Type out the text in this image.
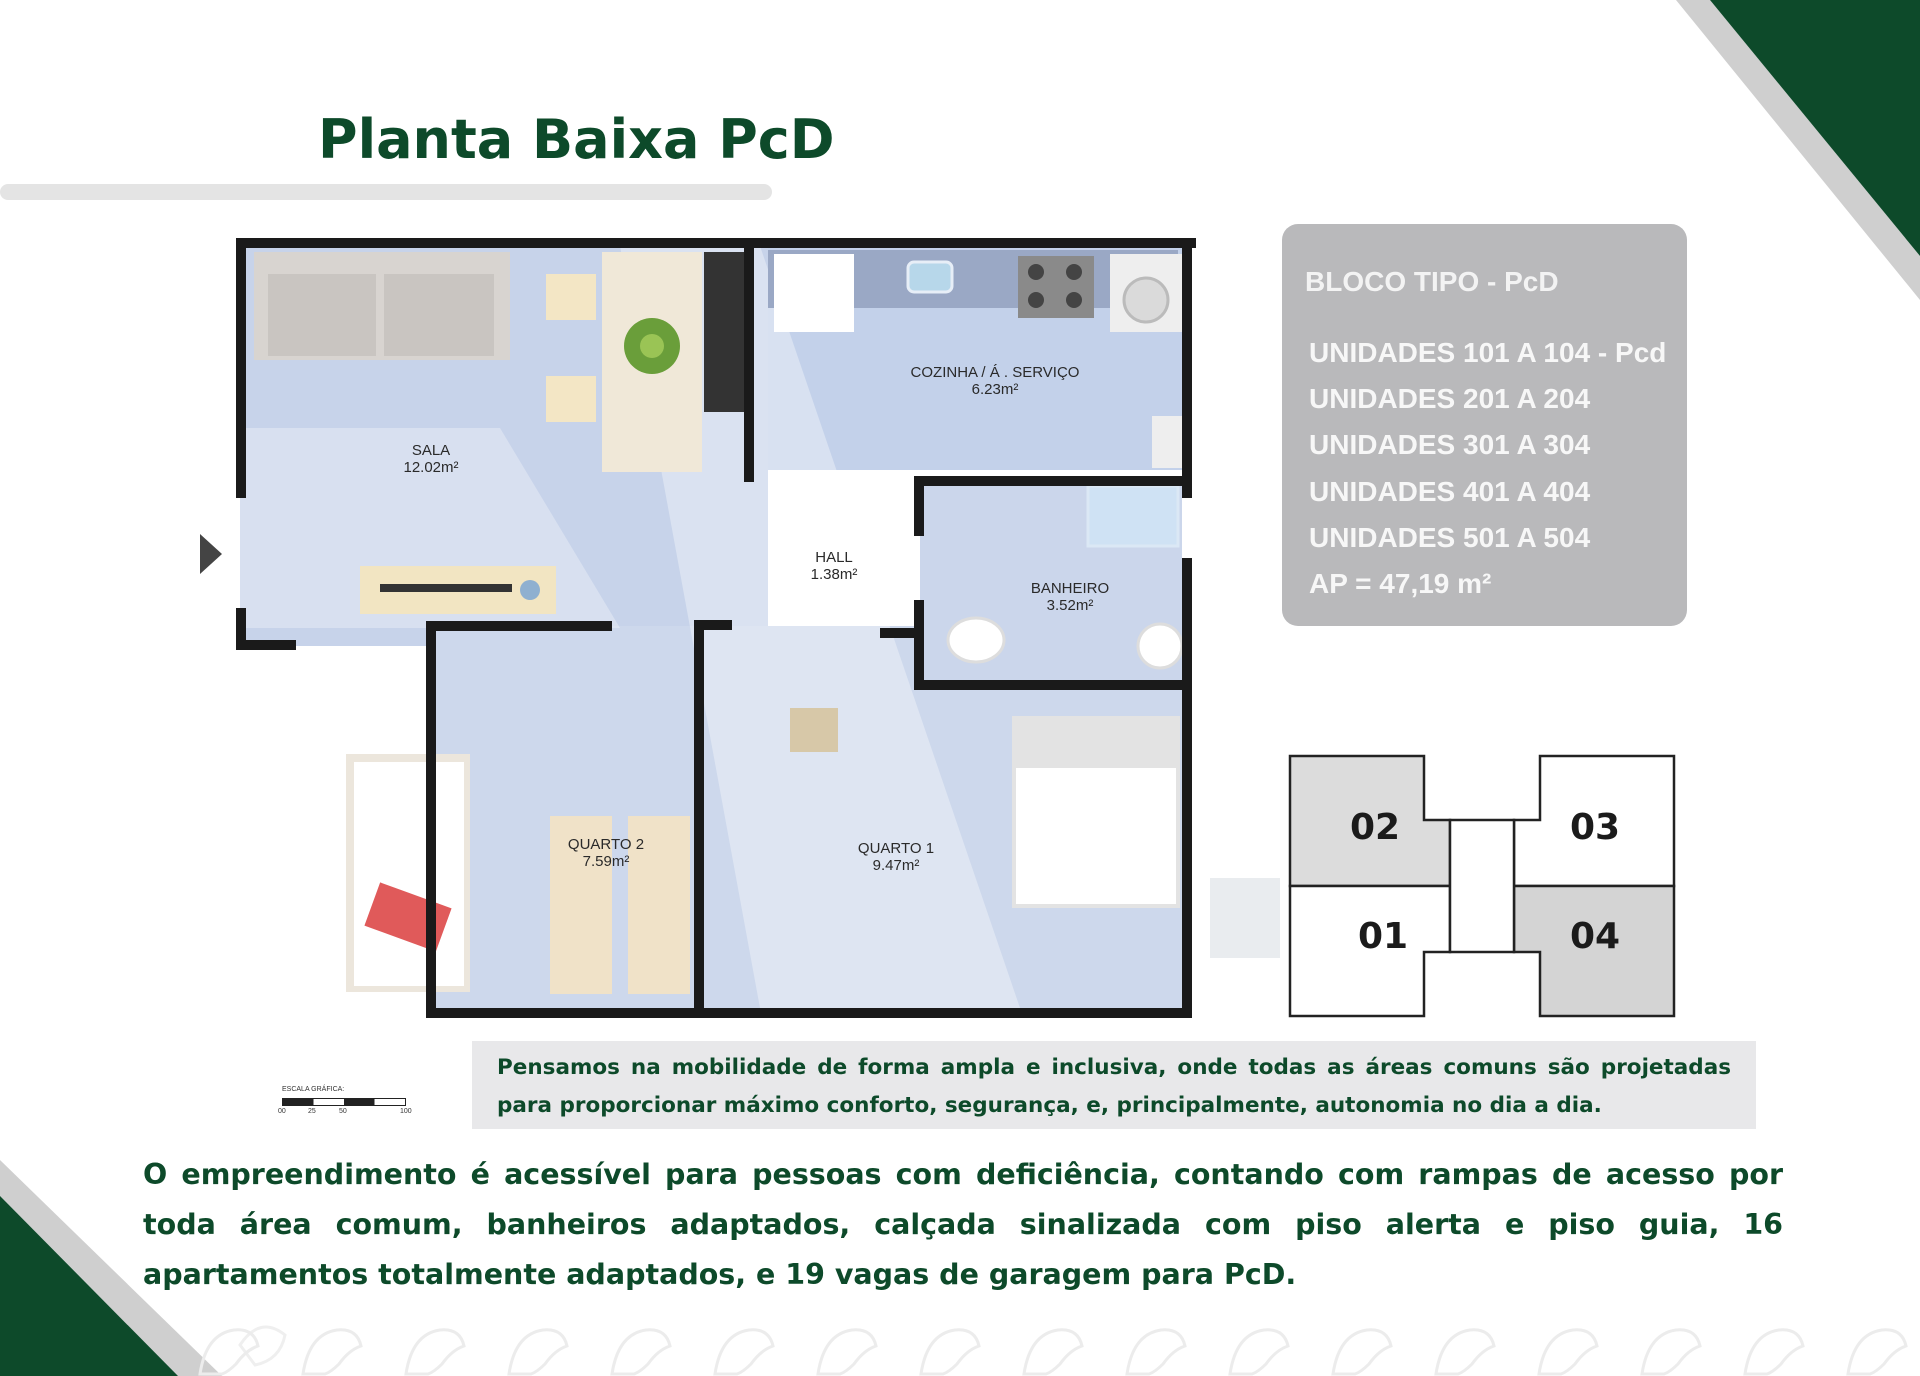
Planta Baixa PcD
SALA
12.02m²
COZINHA / Á . SERVIÇO
6.23m²
HALL
1.38m²
BANHEIRO
3.52m²
QUARTO 2
7.59m²
QUARTO 1
9.47m²
ESCALA GRÁFICA:
00	25	50	100
BLOCO TIPO - PcD
UNIDADES 101 A 104 - Pcd
UNIDADES 201 A 204
UNIDADES 301 A 304
UNIDADES 401 A 404
UNIDADES 501 A 504
AP = 47,19 m²
02	03
01	04
Pensamos na mobilidade de forma ampla e inclusiva, onde todas as áreas comuns são projetadas para proporcionar máximo conforto, segurança, e, principalmente, autonomia no dia a dia.
O empreendimento é acessível para pessoas com deficiência, contando com rampas de acesso por toda área comum, banheiros adaptados, calçada sinalizada com piso alerta e piso guia, 16 apartamentos totalmente adaptados, e 19 vagas de garagem para PcD.
